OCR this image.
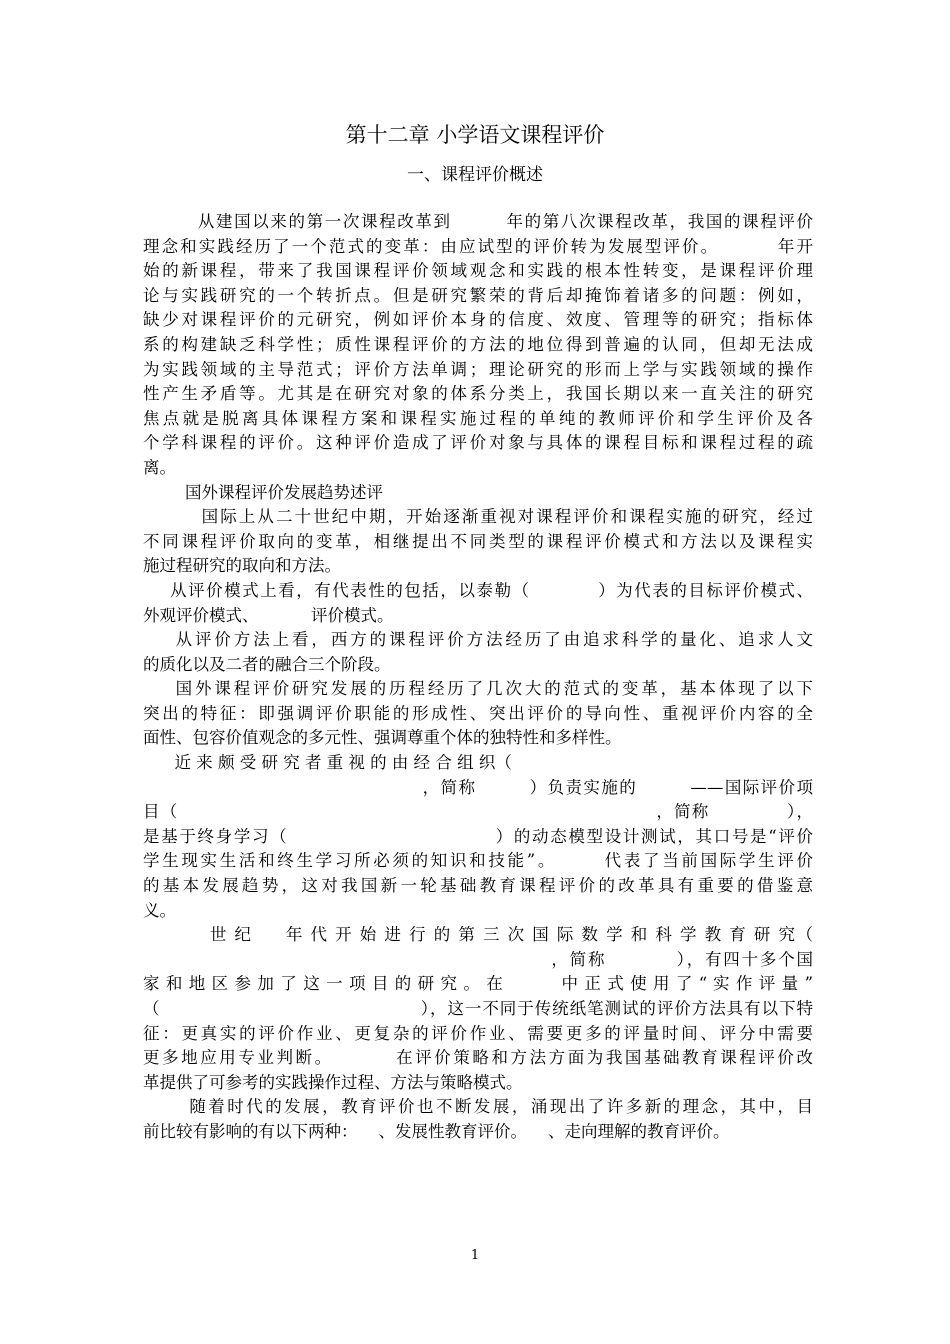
第十二章 小学语文课程评价
一、课程评价概述
从建国以来的第一次课程改革到        年的第八次课程改革，我国的课程评价
理念和实践经历了一个范式的变革：由应试型的评价转为发展型评价。        年开
始的新课程，带来了我国课程评价领域观念和实践的根本性转变，是课程评价理
论与实践研究的一个转折点。但是研究繁荣的背后却掩饰着诸多的问题：例如，
缺少对课程评价的元研究，例如评价本身的信度、效度、管理等的研究；指标体
系的构建缺乏科学性；质性课程评价的方法的地位得到普遍的认同，但却无法成
为实践领域的主导范式；评价方法单调；理论研究的形而上学与实践领域的操作
性产生矛盾等。尤其是在研究对象的体系分类上，我国长期以来一直关注的研究
焦点就是脱离具体课程方案和课程实施过程的单纯的教师评价和学生评价及各
个学科课程的评价。这种评价造成了评价对象与具体的课程目标和课程过程的疏
离。
国外课程评价发展趋势述评
国际上从二十世纪中期，开始逐渐重视对课程评价和课程实施的研究，经过
不同课程评价取向的变革，相继提出不同类型的课程评价模式和方法以及课程实
施过程研究的取向和方法。
从评价模式上看，有代表性的包括，以泰勒（          ）为代表的目标评价模式、
外观评价模式、          评价模式。
从评价方法上看，西方的课程评价方法经历了由追求科学的量化、追求人文
的质化以及二者的融合三个阶段。
国外课程评价研究发展的历程经历了几次大的范式的变革，基本体现了以下
突出的特征：即强调评价职能的形成性、突出评价的导向性、重视评价内容的全
面性、包容价值观念的多元性、强调尊重个体的独特性和多样性。
近 来 颇 受 研 究 者 重 视 的 由 经 合 组 织（
，简称        ）负责实施的        ——国际评价项
目（                                                                          ，简称            ），
是基于终身学习（                              ）的动态模型设计测试，其口号是“评价
学生现实生活和终生学习所必须的知识和技能”。      代表了当前国际学生评价
的基本发展趋势，这对我国新一轮基础教育课程评价的改革具有重要的借鉴意
义。
世 纪     年 代 开 始 进 行 的 第 三 次 国 际 数 学 和 科 学 教 育 研 究（
，简称          ），有四十多个国
家 和 地 区 参 加 了 这 一 项 目 的 研 究 。 在          中 正 式 使 用 了 “ 实 作 评 量 ”
（                                          ），这一不同于传统纸笔测试的评价方法具有以下特
征：更真实的评价作业、更复杂的评价作业、需要更多的评量时间、评分中需要
更多地应用专业判断。        在评价策略和方法方面为我国基础教育课程评价改
革提供了可参考的实践操作过程、方法与策略模式。
随着时代的发展，教育评价也不断发展，涌现出了许多新的理念，其中，目
前比较有影响的有以下两种：    、发展性教育评价。    、走向理解的教育评价。
1
